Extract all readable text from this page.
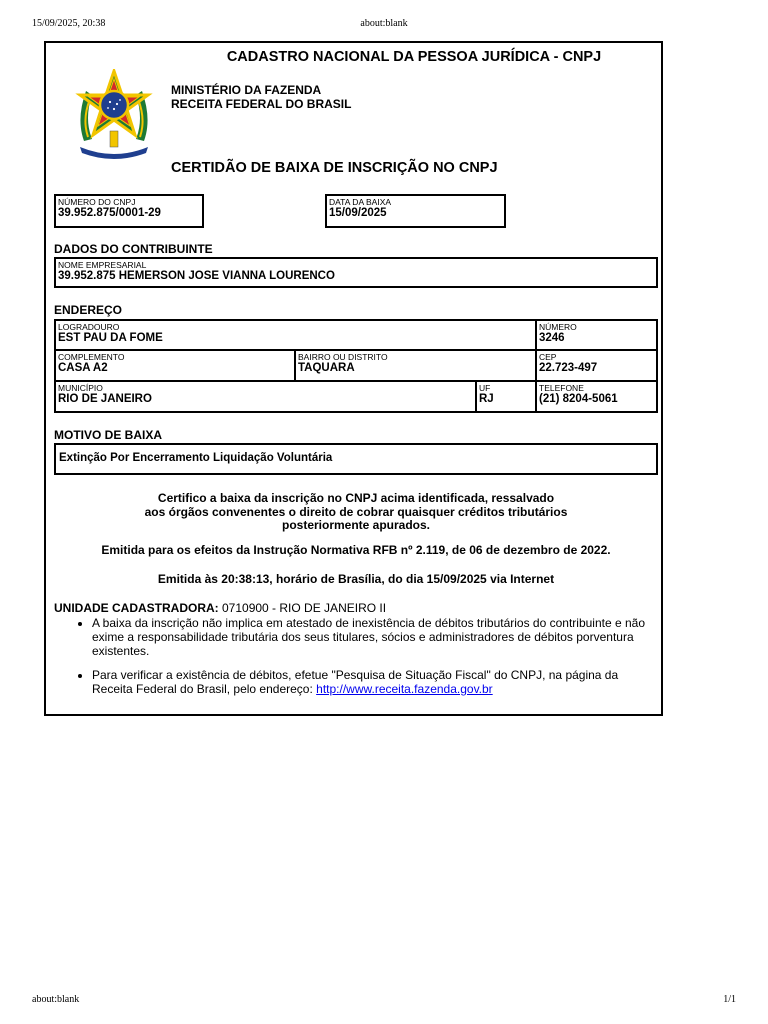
15/09/2025, 20:38	about:blank
CADASTRO NACIONAL DA PESSOA JURÍDICA - CNPJ
MINISTÉRIO DA FAZENDA
RECEITA FEDERAL DO BRASIL
CERTIDÃO DE BAIXA DE INSCRIÇÃO NO CNPJ
NÚMERO DO CNPJ
39.952.875/0001-29
DATA DA BAIXA
15/09/2025
DADOS DO CONTRIBUINTE
NOME EMPRESARIAL
39.952.875 HEMERSON JOSE VIANNA LOURENCO
ENDEREÇO
LOGRADOURO
EST PAU DA FOME
NÚMERO
3246
COMPLEMENTO
CASA A2
BAIRRO OU DISTRITO
TAQUARA
CEP
22.723-497
MUNICÍPIO
RIO DE JANEIRO
UF
RJ
TELEFONE
(21) 8204-5061
MOTIVO DE BAIXA
Extinção Por Encerramento Liquidação Voluntária
Certifico a baixa da inscrição no CNPJ acima identificada, ressalvado
aos órgãos convenentes o direito de cobrar quaisquer créditos tributários
posteriormente apurados.
Emitida para os efeitos da Instrução Normativa RFB nº 2.119, de 06 de dezembro de 2022.
Emitida às 20:38:13, horário de Brasília, do dia 15/09/2025 via Internet
UNIDADE CADASTRADORA: 0710900 - RIO DE JANEIRO II
• A baixa da inscrição não implica em atestado de inexistência de débitos tributários do contribuinte e não exime a responsabilidade tributária dos seus titulares, sócios e administradores de débitos porventura existentes.
• Para verificar a existência de débitos, efetue "Pesquisa de Situação Fiscal" do CNPJ, na página da Receita Federal do Brasil, pelo endereço: http://www.receita.fazenda.gov.br
about:blank	1/1
